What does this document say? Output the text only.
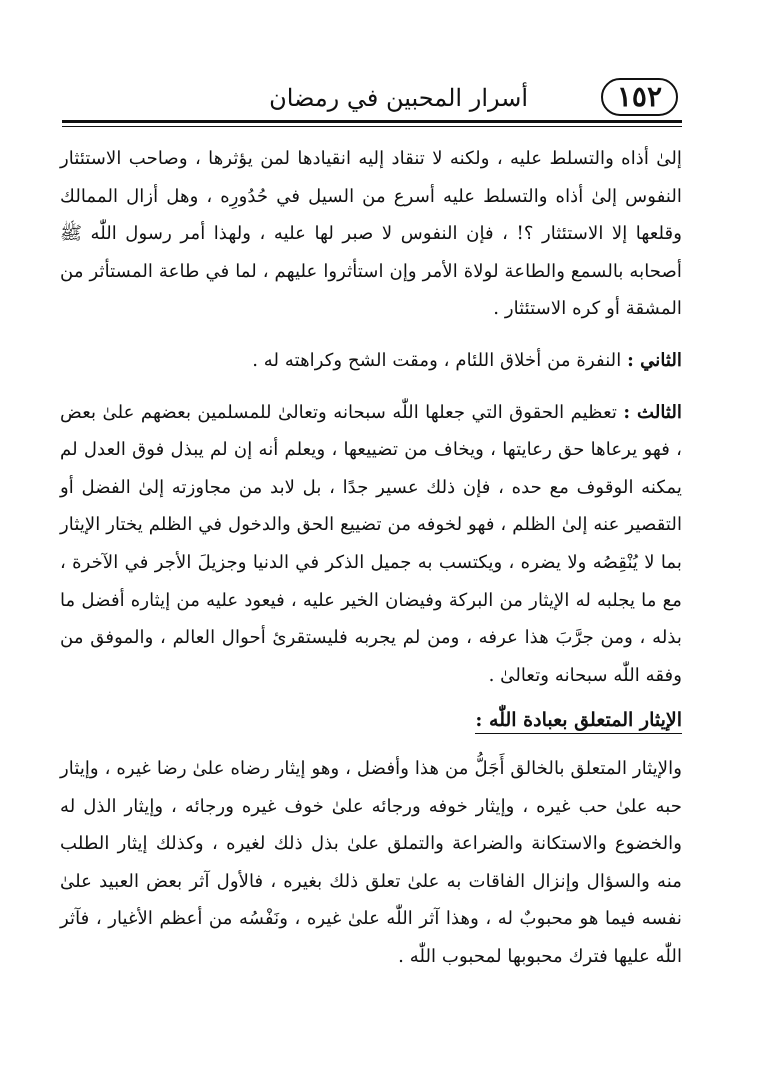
أسرار المحبين في رمضان	١٥٢

إلىٰ أذاه والتسلط عليه ، ولكنه لا تنقاد إليه انقيادها لمن يؤثرها ، وصاحب الاستئثار النفوس إلىٰ أذاه والتسلط عليه أسرع من السيل في حُدُورِه ، وهل أزال الممالك وقلعها إلا الاستئثار ؟! ، فإن النفوس لا صبر لها عليه ، ولهذا أمر رسول اللّٰه ﷺ أصحابه بالسمع والطاعة لولاة الأمر وإن استأثروا عليهم ، لما في طاعة المستأثر من المشقة أو كره الاستئثار .

الثاني : النفرة من أخلاق اللئام ، ومقت الشح وكراهته له .

الثالث : تعظيم الحقوق التي جعلها اللّٰه سبحانه وتعالىٰ للمسلمين بعضهم علىٰ بعض ، فهو يرعاها حق رعايتها ، ويخاف من تضييعها ، ويعلم أنه إن لم يبذل فوق العدل لم يمكنه الوقوف مع حده ، فإن ذلك عسير جدًا ، بل لابد من مجاوزته إلىٰ الفضل أو التقصير عنه إلىٰ الظلم ، فهو لخوفه من تضييع الحق والدخول في الظلم يختار الإيثار بما لا يُنْقِصُه ولا يضره ، ويكتسب به جميل الذكر في الدنيا وجزيلَ الأجر في الآخرة ، مع ما يجلبه له الإيثار من البركة وفيضان الخير عليه ، فيعود عليه من إيثاره أفضل ما بذله ، ومن جرَّبَ هذا عرفه ، ومن لم يجربه فليستقرئ أحوال العالم ، والموفق من وفقه اللّٰه سبحانه وتعالىٰ .

الإيثار المتعلق بعبادة اللّٰه :

والإيثار المتعلق بالخالق أَجَلُّ من هذا وأفضل ، وهو إيثار رضاه علىٰ رضا غيره ، وإيثار حبه علىٰ حب غيره ، وإيثار خوفه ورجائه علىٰ خوف غيره ورجائه ، وإيثار الذل له والخضوع والاستكانة والضراعة والتملق علىٰ بذل ذلك لغيره ، وكذلك إيثار الطلب منه والسؤال وإنزال الفاقات به علىٰ تعلق ذلك بغيره ، فالأول آثر بعض العبيد علىٰ نفسه فيما هو محبوبٌ له ، وهذا آثر اللّٰه علىٰ غيره ، ونَفْسُه من أعظم الأغيار ، فآثر اللّٰه عليها فترك محبوبها لمحبوب اللّٰه .
